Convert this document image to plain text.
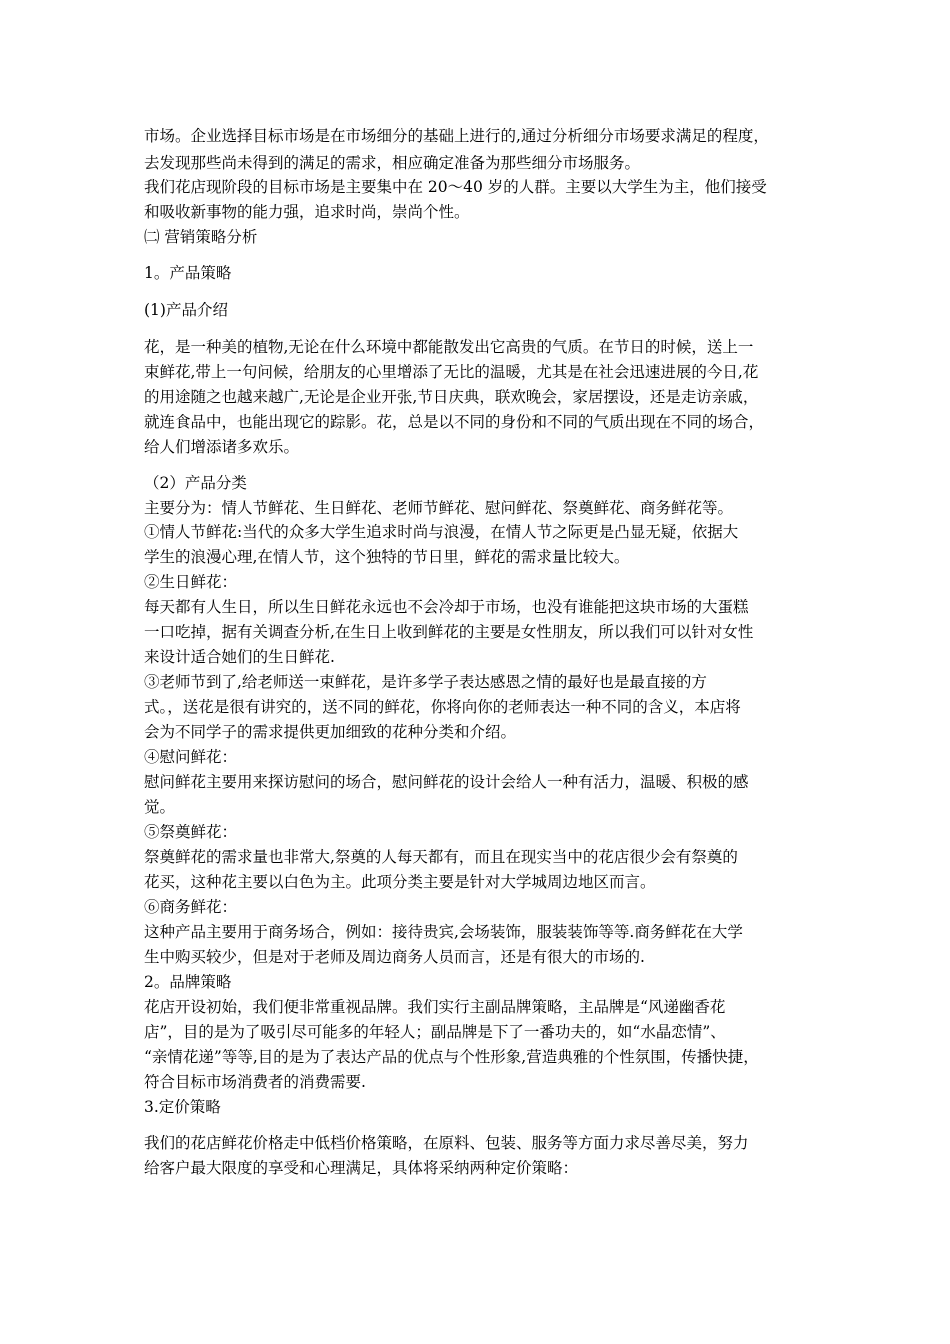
市场。企业选择目标市场是在市场细分的基础上进行的,通过分析细分市场要求满足的程度，
去发现那些尚未得到的满足的需求，相应确定准备为那些细分市场服务。
我们花店现阶段的目标市场是主要集中在 20～40 岁的人群。主要以大学生为主，他们接受
和吸收新事物的能力强，追求时尚，崇尚个性。
㈡ 营销策略分析
1。产品策略
(1)产品介绍
花，是一种美的植物,无论在什么环境中都能散发出它高贵的气质。在节日的时候，送上一
束鲜花,带上一句问候，给朋友的心里增添了无比的温暖，尤其是在社会迅速进展的今日,花
的用途随之也越来越广,无论是企业开张,节日庆典，联欢晚会，家居摆设，还是走访亲戚，
就连食品中，也能出现它的踪影。花，总是以不同的身份和不同的气质出现在不同的场合，
给人们增添诸多欢乐。
（2）产品分类
主要分为：情人节鲜花、生日鲜花、老师节鲜花、慰问鲜花、祭奠鲜花、商务鲜花等。
①情人节鲜花:当代的众多大学生追求时尚与浪漫，在情人节之际更是凸显无疑，依据大
学生的浪漫心理,在情人节，这个独特的节日里，鲜花的需求量比较大。
②生日鲜花：
每天都有人生日，所以生日鲜花永远也不会冷却于市场，也没有谁能把这块市场的大蛋糕
一口吃掉，据有关调查分析,在生日上收到鲜花的主要是女性朋友，所以我们可以针对女性
来设计适合她们的生日鲜花.
③老师节到了,给老师送一束鲜花，是许多学子表达感恩之情的最好也是最直接的方
式。，送花是很有讲究的，送不同的鲜花，你将向你的老师表达一种不同的含义，本店将
会为不同学子的需求提供更加细致的花种分类和介绍。
④慰问鲜花：
慰问鲜花主要用来探访慰问的场合，慰问鲜花的设计会给人一种有活力，温暖、积极的感
觉。
⑤祭奠鲜花：
祭奠鲜花的需求量也非常大,祭奠的人每天都有，而且在现实当中的花店很少会有祭奠的
花买，这种花主要以白色为主。此项分类主要是针对大学城周边地区而言。
⑥商务鲜花：
这种产品主要用于商务场合，例如：接待贵宾,会场装饰，服装装饰等等.商务鲜花在大学
生中购买较少，但是对于老师及周边商务人员而言，还是有很大的市场的.
2。品牌策略
花店开设初始，我们便非常重视品牌。我们实行主副品牌策略，主品牌是“风递幽香花
店”，目的是为了吸引尽可能多的年轻人；副品牌是下了一番功夫的，如“水晶恋情”、
“亲情花递”等等,目的是为了表达产品的优点与个性形象,营造典雅的个性氛围，传播快捷，
符合目标市场消费者的消费需要.
3.定价策略
我们的花店鲜花价格走中低档价格策略，在原料、包装、服务等方面力求尽善尽美，努力
给客户最大限度的享受和心理满足，具体将采纳两种定价策略：
